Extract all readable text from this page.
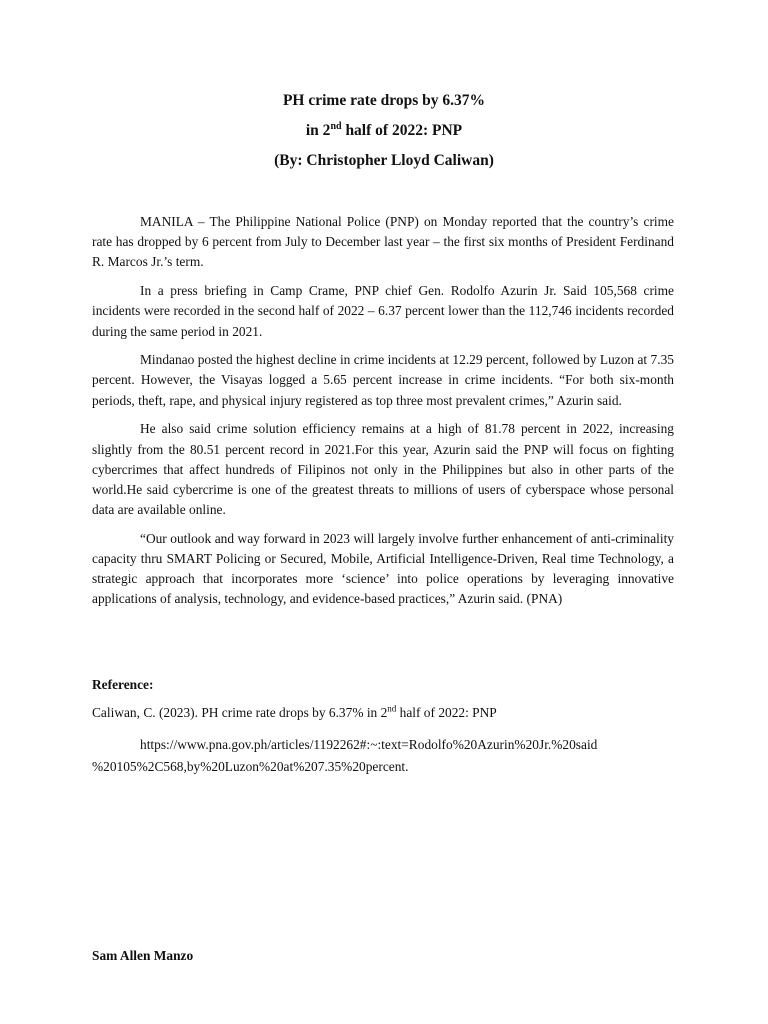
PH crime rate drops by 6.37%

in 2nd half of 2022: PNP

(By: Christopher Lloyd Caliwan)

MANILA – The Philippine National Police (PNP) on Monday reported that the country’s crime rate has dropped by 6 percent from July to December last year – the first six months of President Ferdinand R. Marcos Jr.’s term.

In a press briefing in Camp Crame, PNP chief Gen. Rodolfo Azurin Jr. Said 105,568 crime incidents were recorded in the second half of 2022 – 6.37 percent lower than the 112,746 incidents recorded during the same period in 2021.

Mindanao posted the highest decline in crime incidents at 12.29 percent, followed by Luzon at 7.35 percent. However, the Visayas logged a 5.65 percent increase in crime incidents. “For both six-month periods, theft, rape, and physical injury registered as top three most prevalent crimes,” Azurin said.

He also said crime solution efficiency remains at a high of 81.78 percent in 2022, increasing slightly from the 80.51 percent record in 2021.For this year, Azurin said the PNP will focus on fighting cybercrimes that affect hundreds of Filipinos not only in the Philippines but also in other parts of the world.He said cybercrime is one of the greatest threats to millions of users of cyberspace whose personal data are available online.

“Our outlook and way forward in 2023 will largely involve further enhancement of anti-criminality capacity thru SMART Policing or Secured, Mobile, Artificial Intelligence-Driven, Real time Technology, a strategic approach that incorporates more ‘science’ into police operations by leveraging innovative applications of analysis, technology, and evidence-based practices,” Azurin said. (PNA)

Reference:

Caliwan, C. (2023). PH crime rate drops by 6.37% in 2nd half of 2022: PNP

https://www.pna.gov.ph/articles/1192262#:~:text=Rodolfo%20Azurin%20Jr.%20said
%20105%2C568,by%20Luzon%20at%207.35%20percent.

Sam Allen Manzo
